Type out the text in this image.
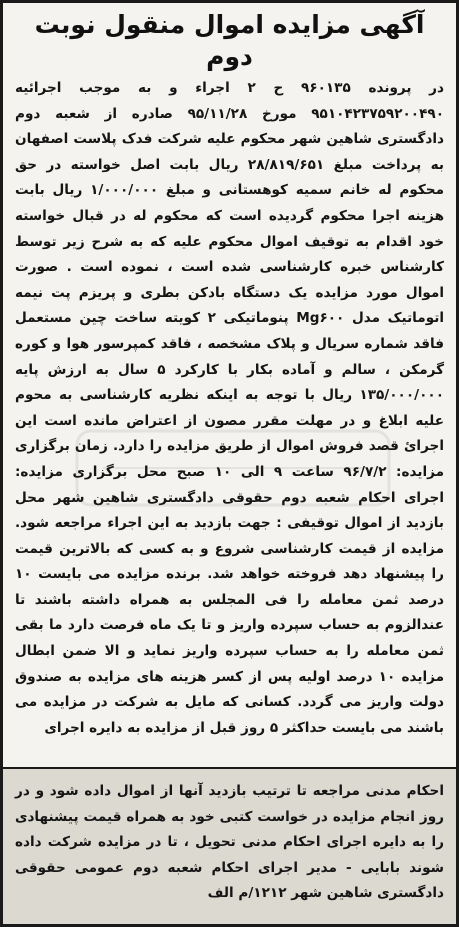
آگهی مزایده اموال منقول نوبت دوم

در پرونده ۹۶۰۱۳۵ ح ۲ اجراء و به موجب اجرائیه ۹۵۱۰۴۲۳۷۵۹۲۰۰۴۹۰ مورخ ۹۵/۱۱/۲۸ صادره از شعبه دوم دادگستری شاهین شهر محکوم علیه شرکت فدک پلاست اصفهان به پرداخت مبلغ ۲۸/۸۱۹/۶۵۱ ریال بابت اصل خواسته در حق محکوم له خانم سمیه کوهستانی و مبلغ ۱/۰۰۰/۰۰۰ ریال بابت هزینه اجرا محکوم گردیده است که محکوم له در قبال خواسته خود اقدام به توقیف اموال محکوم علیه که به شرح زیر توسط کارشناس خبره کارشناسی شده است ، نموده است . صورت اموال مورد مزایده یک دستگاه بادکن بطری و پریزم پت نیمه اتوماتیک مدل Mg۶۰۰ پنوماتیکی ۲ کویته ساخت چین مستعمل فاقد شماره سریال و پلاک مشخصه ، فاقد کمپرسور هوا و کوره گرمکن ، سالم و آماده بکار با کارکرد ۵ سال به ارزش پایه ۱۳۵/۰۰۰/۰۰۰ ریال با توجه به اینکه نظریه کارشناسی به محوم علیه ابلاغ و در مهلت مقرر مصون از اعتراض مانده است این اجرائ قصد فروش اموال از طریق مزایده را دارد. زمان برگزاری مزایده: ۹۶/۷/۲ ساعت ۹ الی ۱۰ صبح محل برگزاری مزایده: اجرای احکام شعبه دوم حقوقی دادگستری شاهین شهر محل بازدید از اموال توقیفی : جهت بازدید به این اجراء مراجعه شود. مزایده از قیمت کارشناسی شروع و به کسی که بالاترین قیمت را پیشنهاد دهد فروخته خواهد شد. برنده مزایده می بایست ۱۰ درصد ثمن معامله را فی المجلس به همراه داشته باشند تا عندالزوم به حساب سپرده واریز و تا یک ماه فرصت دارد ما بقی ثمن معامله را به حساب سپرده واریز نماید و الا ضمن ابطال مزایده ۱۰ درصد اولیه پس از کسر هزینه های مزایده به صندوق دولت واریز می گردد. کسانی که مایل به شرکت در مزایده می باشند می بایست حداکثر ۵ روز قبل از مزایده به دایره اجرای

احکام مدنی مراجعه تا ترتیب بازدید آنها از اموال داده شود و در روز انجام مزایده در خواست کتبی خود به همراه قیمت پیشنهادی را به دایره اجرای احکام مدنی تحویل ، تا در مزایده شرکت داده شوند بابایی - مدیر اجرای احکام شعبه دوم عمومی حقوقی دادگستری شاهین شهر ۱۲۱۲/م الف
